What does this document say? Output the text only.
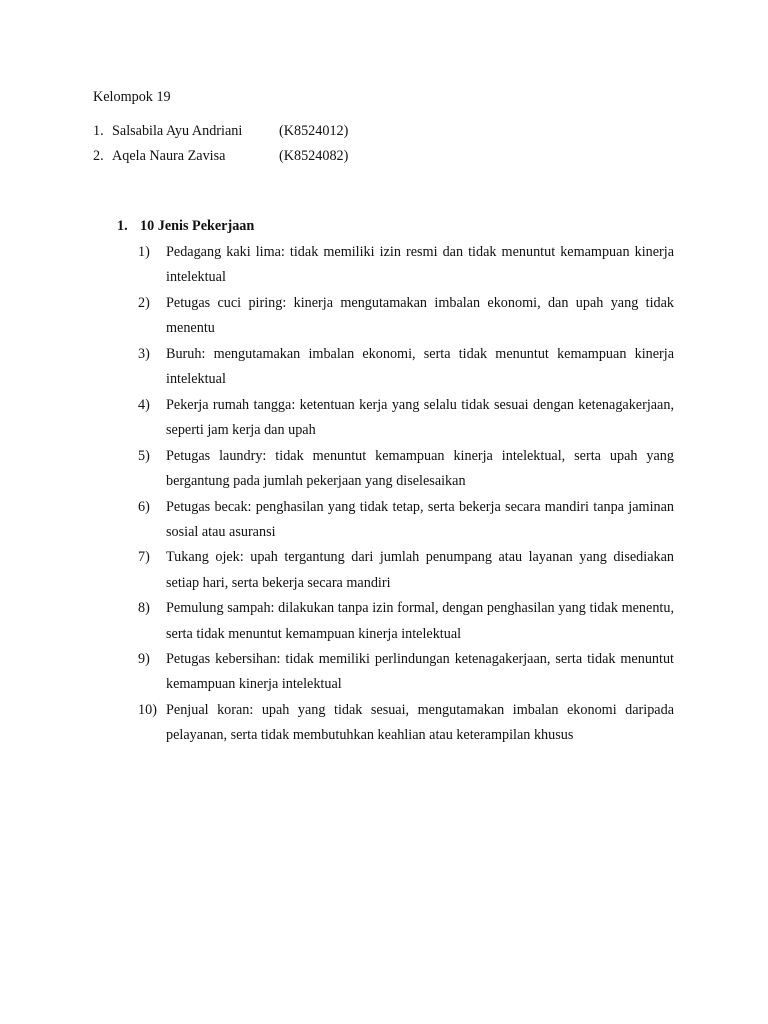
Kelompok 19
1. Salsabila Ayu Andriani	(K8524012)
2. Aqela Naura Zavisa	(K8524082)
1. 10 Jenis Pekerjaan
1) Pedagang kaki lima: tidak memiliki izin resmi dan tidak menuntut kemampuan kinerja intelektual
2) Petugas cuci piring: kinerja mengutamakan imbalan ekonomi, dan upah yang tidak menentu
3) Buruh: mengutamakan imbalan ekonomi, serta tidak menuntut kemampuan kinerja intelektual
4) Pekerja rumah tangga: ketentuan kerja yang selalu tidak sesuai dengan ketenagakerjaan, seperti jam kerja dan upah
5) Petugas laundry: tidak menuntut kemampuan kinerja intelektual, serta upah yang bergantung pada jumlah pekerjaan yang diselesaikan
6) Petugas becak: penghasilan yang tidak tetap, serta bekerja secara mandiri tanpa jaminan sosial atau asuransi
7) Tukang ojek: upah tergantung dari jumlah penumpang atau layanan yang disediakan setiap hari, serta bekerja secara mandiri
8) Pemulung sampah: dilakukan tanpa izin formal, dengan penghasilan yang tidak menentu, serta tidak menuntut kemampuan kinerja intelektual
9) Petugas kebersihan: tidak memiliki perlindungan ketenagakerjaan, serta tidak menuntut kemampuan kinerja intelektual
10) Penjual koran: upah yang tidak sesuai, mengutamakan imbalan ekonomi daripada pelayanan, serta tidak membutuhkan keahlian atau keterampilan khusus
